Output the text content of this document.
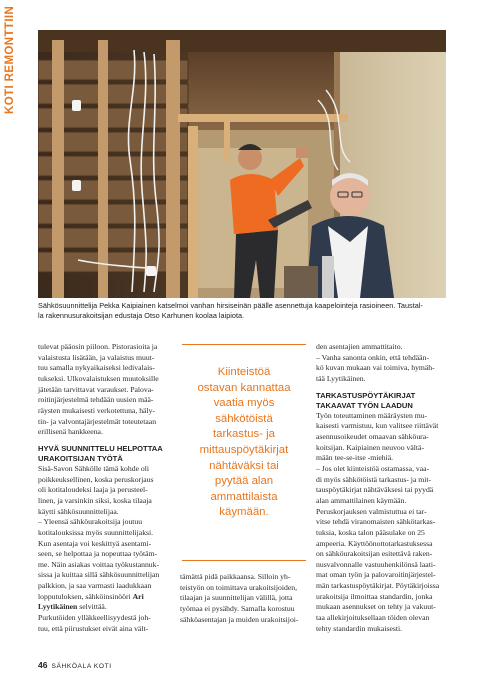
KOTI REMONTTIIN
Sähkösuunnittelija Pekka Kaipiainen katselmoi vanhan hirsiseinän päälle asennettuja kaapelointeja rasioineen. Taustal-
la rakennusurakoitsijan edustaja Otso Karhunen koolaa laipiota.
tulevat pääosin piiloon. Pistorasioita ja
valaistusta lisätään, ja valaistus muut-
tuu samalla nykyaikaiseksi ledivalais-
tukseksi. Ulkovalaistuksen muutoksille
jätetään tarvittavat varaukset. Palova-
roitinjärjestelmä tehdään uusien mää-
räysten mukaisesti verkotettuna, häly-
tin- ja valvontajärjestelmät toteutetaan
erillisenä hankkeena.
HYVÄ SUUNNITTELU HELPOTTAA
URAKOITSIJAN TYÖTÄ
Sisä-Savon Sähkölle tämä kohde oli
poikkeuksellinen, koska peruskorjaus
oli kotitaloudeksi laaja ja perusteel-
linen, ja varsinkin siksi, koska tilaaja
käytti sähkösuunnittelijaa.
– Yleensä sähköurakoitsija joutuu
kotitalouksissa myös suunnittelijaksi.
Kun asentaja voi keskittyä asentami-
seen, se helpottaa ja nopeuttaa työtäm-
me. Näin asiakas voittaa työkustannuk-
sissa ja kuittaa sillä sähkösuunnittelijan
palkkion, ja saa varmasti laadukkaan
lopputuloksen, sähköinsinööri Ari
Lyytikäinen selvittää.
Purkutöiden ylläkkeellisyydestä joh-
tuu, että piirustukset eivät aina vält-
Kiinteistöä
ostavan kannattaa
vaatia myös
sähkötöistä
tarkastus- ja
mittauspöytäkirjat
nähtäväksi tai
pyytää alan
ammattilaista
käymään.
tämättä pidä paikkaansa. Silloin yh-
teistyön on toimittava urakoitsijoiden,
tilaajan ja suunnittelijan välillä, jotta
työmaa ei pysähdy. Samalla korostuu
sähköasentajan ja muiden urakoitsijoi-
den asentajien ammattitaito.
– Vanha sanonta onkin, että tehdään-
kö kuvan mukaan vai toimiva, hymäh-
tää Lyytikäinen.
TARKASTUSPÖYTÄKIRJAT
TAKAAVAT TYÖN LAADUN
Työn toteuttaminen määräysten mu-
kaisesti varmistuu, kun valitsee riittävät
asennusoikeudet omaavan sähköura-
koitsijan. Kaipiainen neuvoo vältä-
mään tee-se-itse -miehiä.
– Jos olet kiinteistöä ostamassa, vaa-
di myös sähkötöistä tarkastus- ja mit-
tauspöytäkirjat nähtäväksesi tai pyydä
alan ammattilainen käymään.
Peruskorjauksen valmistuttua ei tar-
vitse tehdä viranomaisten sähkötarkas-
tuksia, koska talon pääsulake on 25
ampeeria. Käyttöönottotarkastuksessa
on sähköurakoitsijan esitettävä raken-
nusvalvonnalle vastuuhenkilönsä laati-
mat oman työn ja palovaroitinjärjestel-
män tarkastuspöytäkirjat. Pöytäkirjoissa
urakoitsija ilmoittaa standardin, jonka
mukaan asennukset on tehty ja vakuut-
taa allekirjoituksellaan töiden olevan
tehty standardin mukaisesti.
46 SÄHKÖALA KOTI
